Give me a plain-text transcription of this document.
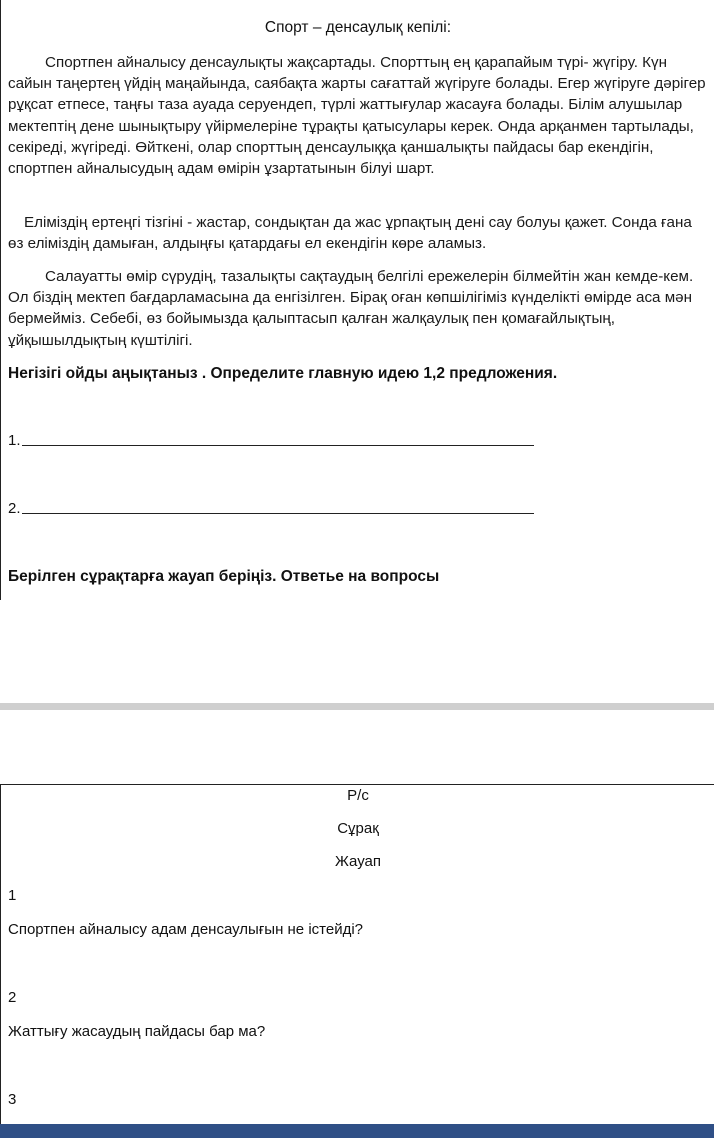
Спорт – денсаулық кепілі:
Спортпен айналысу денсаулықты жақсартады. Спорттың ең қарапайым түрі- жүгіру. Күн сайын таңертең үйдің маңайында, саябақта жарты сағаттай жүгіруге болады. Егер жүгіруге дәрігер рұқсат етпесе, таңғы таза ауада серуендеп, түрлі жаттығулар жасауға болады. Білім алушылар мектептің дене шынықтыру үйірмелеріне тұрақты қатысулары керек. Онда арқанмен тартылады, секіреді, жүгіреді. Өйткені, олар спорттың денсаулыққа қаншалықты пайдасы бар екендігін, спортпен айналысудың адам өмірін ұзартатынын білуі шарт.
Еліміздің ертеңгі тізгіні - жастар, сондықтан да жас ұрпақтың дені сау болуы қажет. Сонда ғана өз еліміздің дамыған, алдыңғы қатардағы ел екендігін көре аламыз.
Салауатты өмір сүрудің, тазалықты сақтаудың белгілі ережелерін білмейтін жан кемде-кем. Ол біздің мектеп бағдарламасына да енгізілген. Бірақ оған көпшілігіміз күнделікті өмірде аса мән бермейміз. Себебі, өз бойымызда қалыптасып қалған жалқаулық пен қомағайлықтың, ұйқышылдықтың күштілігі.
Негізігі ойды аңықтаныз . Определите главную идею 1,2 предложения.
1.
2.
Берілген сұрақтарға жауап беріңіз. Ответье на вопросы
Р/с
Сұрақ
Жауап
1
Спортпен айналысу адам денсаулығын не істейді?
2
Жаттығу жасаудың пайдасы бар ма?
3
